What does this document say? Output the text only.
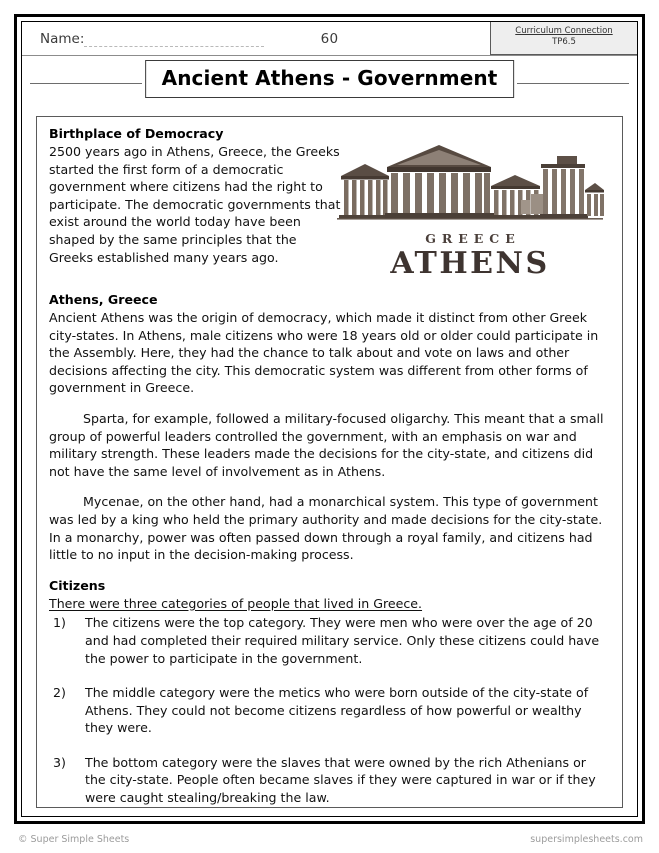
Name:	60	Curriculum Connection
TP6.5
Ancient Athens - Government
Birthplace of Democracy

2500 years ago in Athens, Greece, the Greeks started the first form of a democratic government where citizens had the right to participate. The democratic governments that exist around the world today have been shaped by the same principles that the Greeks established many years ago.

GREECE
ATHENS
Athens, Greece

Ancient Athens was the origin of democracy, which made it distinct from other Greek city-states. In Athens, male citizens who were 18 years old or older could participate in the Assembly. Here, they had the chance to talk about and vote on laws and other decisions affecting the city. This democratic system was different from other forms of government in Greece.

Sparta, for example, followed a military-focused oligarchy. This meant that a small group of powerful leaders controlled the government, with an emphasis on war and military strength. These leaders made the decisions for the city-state, and citizens did not have the same level of involvement as in Athens.

Mycenae, on the other hand, had a monarchical system. This type of government was led by a king who held the primary authority and made decisions for the city-state. In a monarchy, power was often passed down through a royal family, and citizens had little to no input in the decision-making process.

Citizens

There were three categories of people that lived in Greece.

1) The citizens were the top category. They were men who were over the age of 20 and had completed their required military service. Only these citizens could have the power to participate in the government.
2) The middle category were the metics who were born outside of the city-state of Athens. They could not become citizens regardless of how powerful or wealthy they were.
3) The bottom category were the slaves that were owned by the rich Athenians or the city-state. People often became slaves if they were captured in war or if they were caught stealing/breaking the law.
© Super Simple Sheets	supersimplesheets.com
